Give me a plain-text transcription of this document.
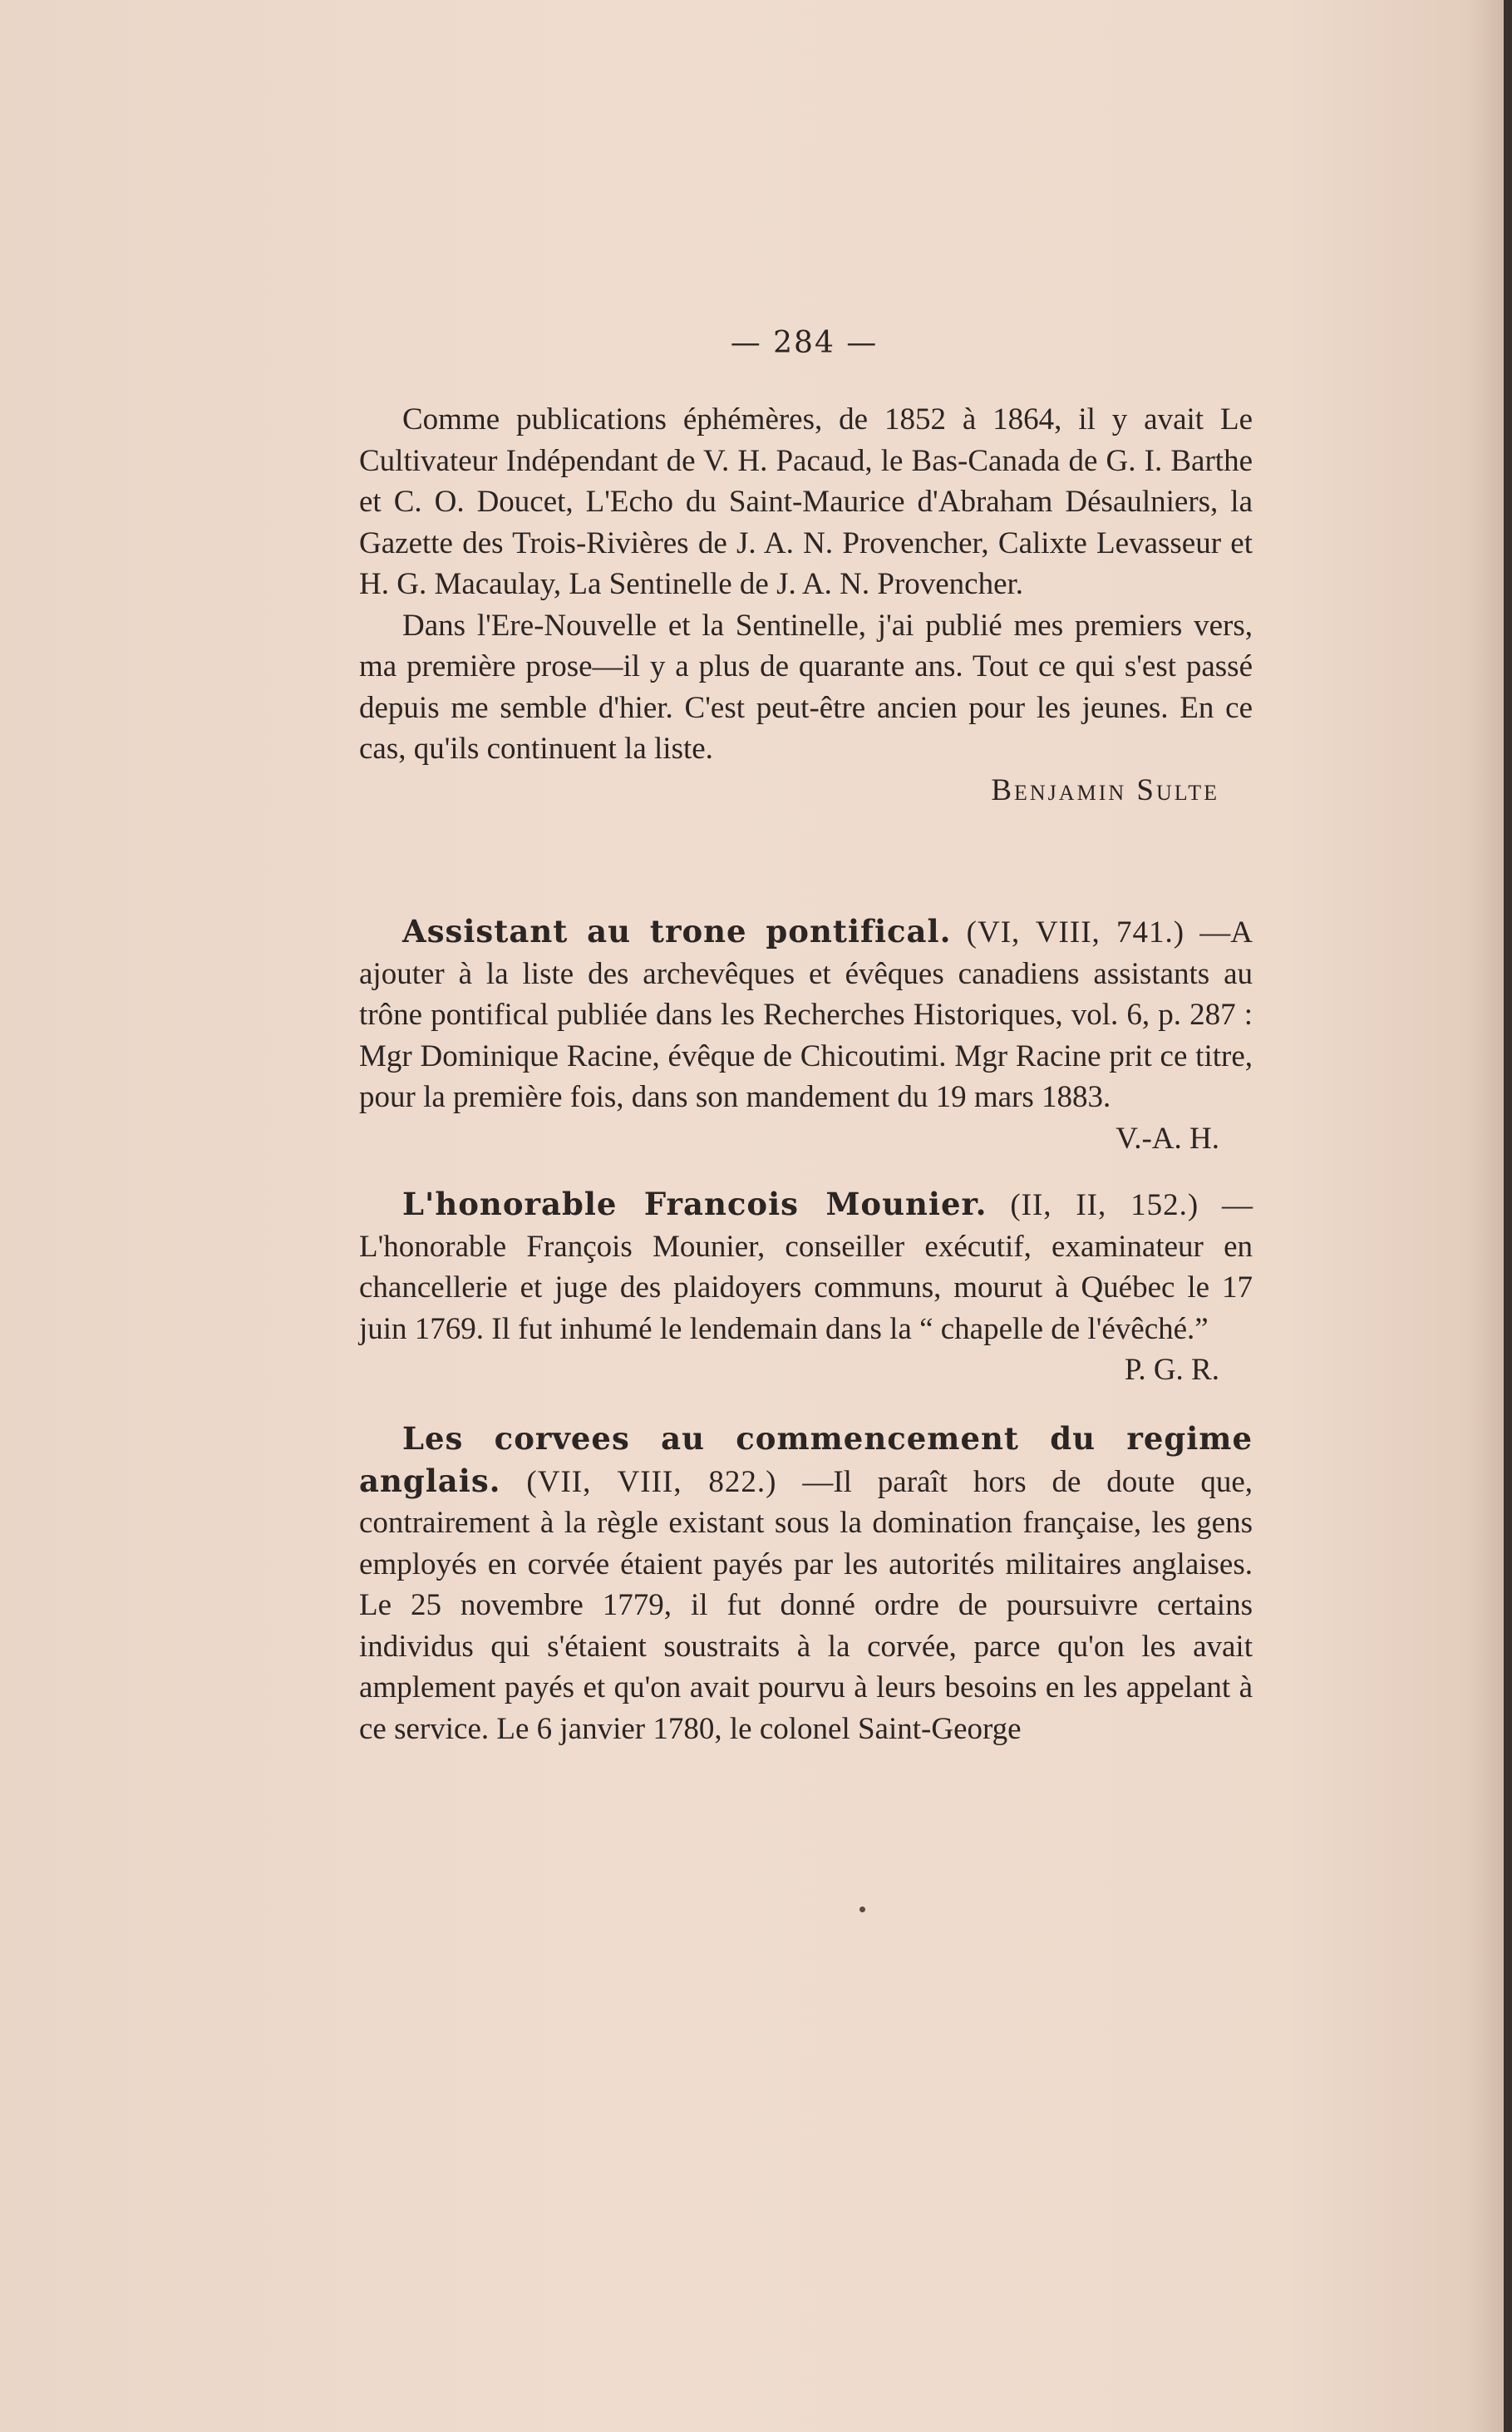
— 284 —

Comme publications éphémères, de 1852 à 1864, il y avait Le Cultivateur Indépendant de V. H. Pacaud, le Bas-Canada de G. I. Barthe et C. O. Doucet, L'Echo du Saint-Maurice d'Abraham Désaulniers, la Gazette des Trois-Rivières de J. A. N. Provencher, Calixte Levasseur et H. G. Macaulay, La Sentinelle de J. A. N. Provencher.

Dans l'Ere-Nouvelle et la Sentinelle, j'ai publié mes premiers vers, ma première prose—il y a plus de quarante ans. Tout ce qui s'est passé depuis me semble d'hier. C'est peut-être ancien pour les jeunes. En ce cas, qu'ils continuent la liste.

Benjamin Sulte

Assistant au trone pontifical. (VI, VIII, 741.) —A ajouter à la liste des archevêques et évêques canadiens assistants au trône pontifical publiée dans les Recherches Historiques, vol. 6, p. 287 : Mgr Dominique Racine, évêque de Chicoutimi. Mgr Racine prit ce titre, pour la première fois, dans son mandement du 19 mars 1883.
V.-A. H.

L'honorable Francois Mounier. (II, II, 152.) —L'honorable François Mounier, conseiller exécutif, examinateur en chancellerie et juge des plaidoyers communs, mourut à Québec le 17 juin 1769. Il fut inhumé le lendemain dans la “ chapelle de l'évêché.”
P. G. R.

Les corvees au commencement du regime anglais. (VII, VIII, 822.) —Il paraît hors de doute que, contrairement à la règle existant sous la domination française, les gens employés en corvée étaient payés par les autorités militaires anglaises. Le 25 novembre 1779, il fut donné ordre de poursuivre certains individus qui s'étaient soustraits à la corvée, parce qu'on les avait amplement payés et qu'on avait pourvu à leurs besoins en les appelant à ce service. Le 6 janvier 1780, le colonel Saint-George
